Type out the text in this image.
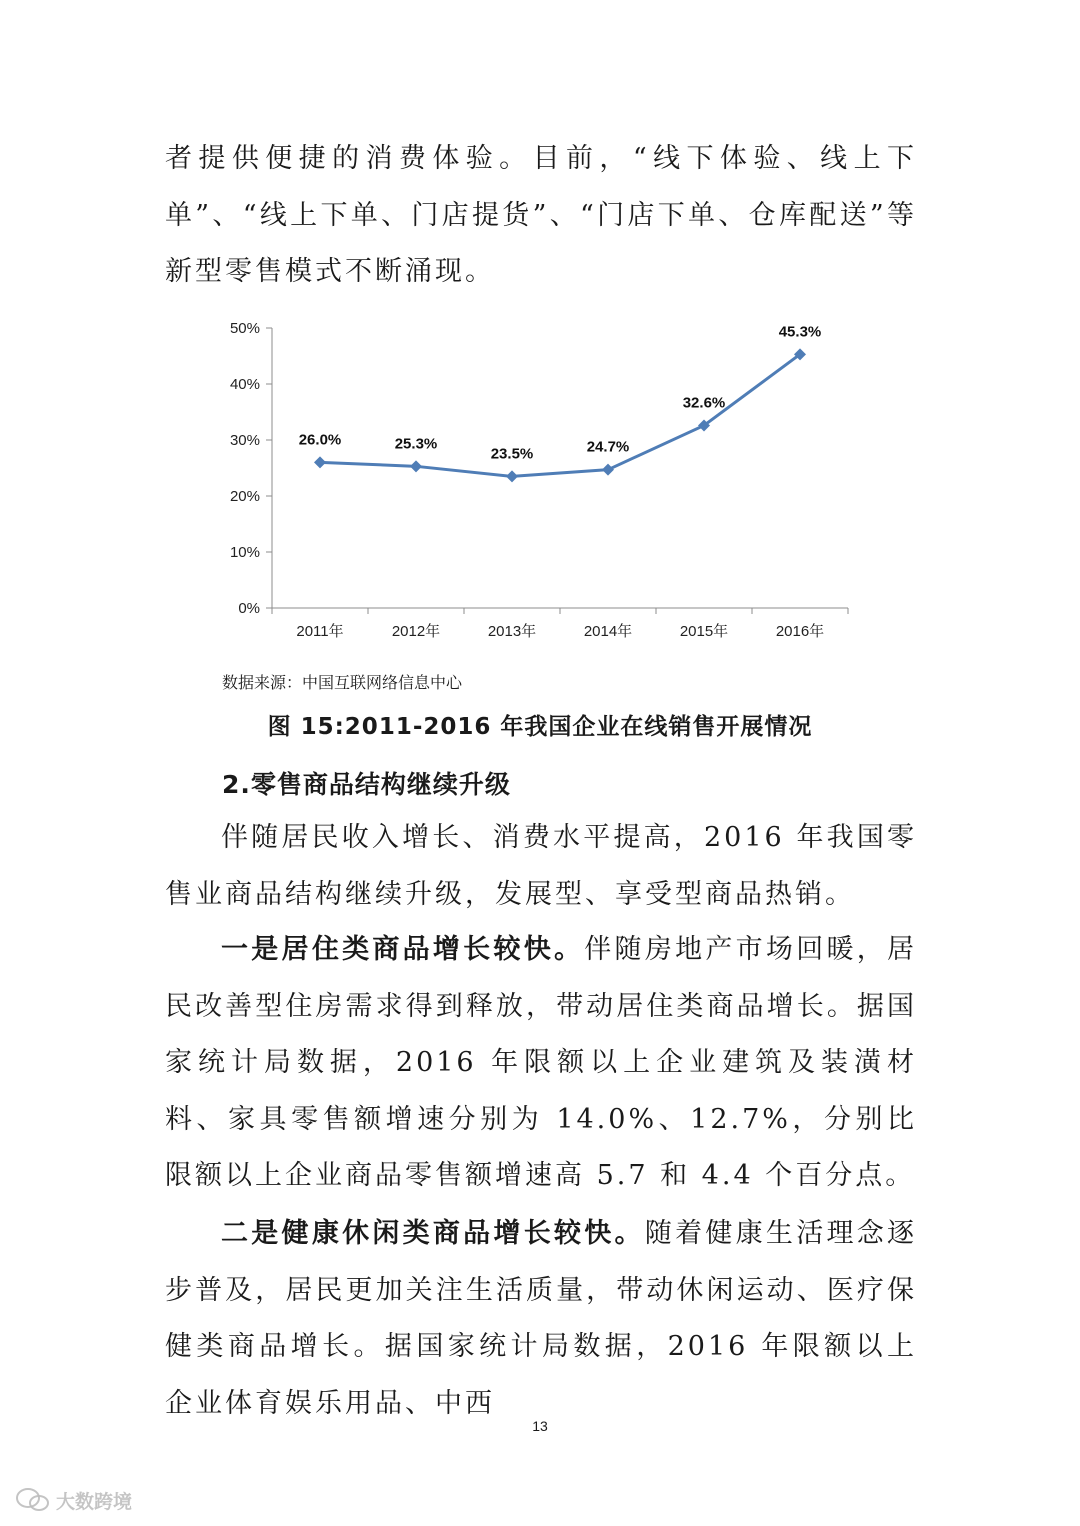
者提供便捷的消费体验。目前，“线下体验、线上下单”、“线上下单、门店提货”、“门店下单、仓库配送”等新型零售模式不断涌现。

0%
10%
20%
30%
40%
50%
2011年	2012年	2013年	2014年	2015年	2016年
26.0%	25.3%
23.5%	24.7%
32.6%
45.3%
数据来源：中国互联网络信息中心
图 15:2011-2016 年我国企业在线销售开展情况
2.零售商品结构继续升级

伴随居民收入增长、消费水平提高，2016 年我国零售业商品结构继续升级，发展型、享受型商品热销。

一是居住类商品增长较快。伴随房地产市场回暖，居民改善型住房需求得到释放，带动居住类商品增长。据国家统计局数据，2016 年限额以上企业建筑及装潢材料、家具零售额增速分别为 14.0%、12.7%，分别比限额以上企业商品零售额增速高 5.7 和 4.4 个百分点。

二是健康休闲类商品增长较快。随着健康生活理念逐步普及，居民更加关注生活质量，带动休闲运动、医疗保健类商品增长。据国家统计局数据，2016 年限额以上企业体育娱乐用品、中西

13
大数跨境
